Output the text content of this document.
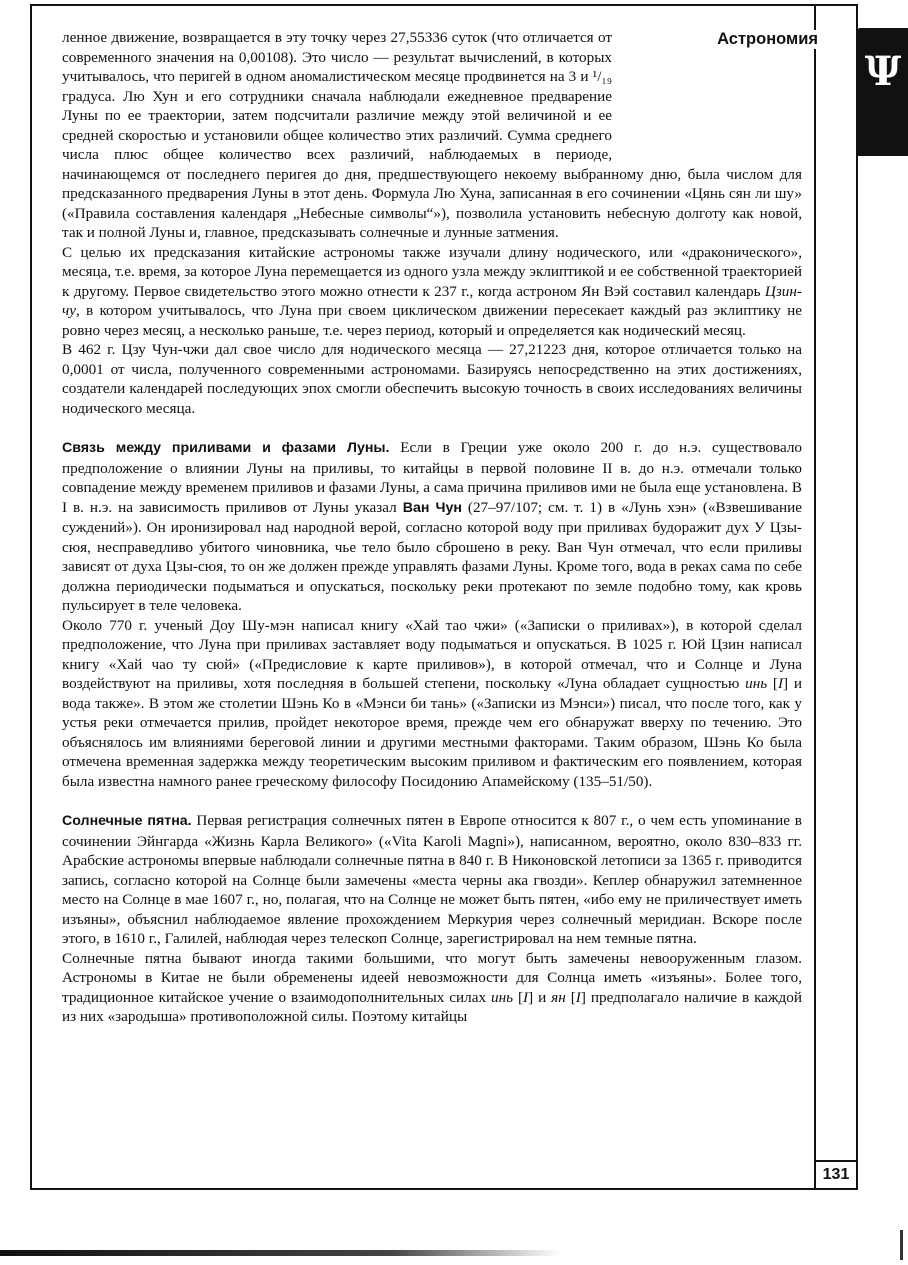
Ψ

ленное движение, возвращается в эту точку через 27,55336 суток (что отличается от современного значения на 0,00108). Это число — результат вычислений, в которых учитывалось, что перигей в одном аномалистическом месяце продвинется на 3 и ¹/₁₉ градуса. Лю Хун и его сотрудники сначала наблюдали ежедневное предварение Луны по ее траектории, затем подсчитали различие между этой величиной и ее средней скоростью и установили общее количество этих различий. Сумма среднего числа плюс общее количество всех различий, наблюдаемых в периоде, начинающемся от последнего перигея до дня, предшествующего некоему выбранному дню, была числом для предсказанного предварения Луны в этот день. Формула Лю Хуна, записанная в его сочинении «Цянь сян ли шу» («Правила составления календаря „Небесные символы“»), позволила установить небесную долготу как новой, так и полной Луны и, главное, предсказывать солнечные и лунные затмения.

С целью их предсказания китайские астрономы также изучали длину нодического, или «драконического», месяца, т.е. время, за которое Луна перемещается из одного узла между эклиптикой и ее собственной траекторией к другому. Первое свидетельство этого можно отнести к 237 г., когда астроном Ян Вэй составил календарь Цзин-чу, в котором учитывалось, что Луна при своем циклическом движении пересекает каждый раз эклиптику не ровно через месяц, а несколько раньше, т.е. через период, который и определяется как нодический месяц.

В 462 г. Цзу Чун-чжи дал свое число для нодического месяца — 27,21223 дня, которое отличается только на 0,0001 от числа, полученного современными астрономами. Базируясь непосредственно на этих достижениях, создатели календарей последующих эпох смогли обеспечить высокую точность в своих исследованиях величины нодического месяца.

Связь между приливами и фазами Луны. Если в Греции уже около 200 г. до н.э. существовало предположение о влиянии Луны на приливы, то китайцы в первой половине II в. до н.э. отмечали только совпадение между временем приливов и фазами Луны, а сама причина приливов ими не была еще установлена. В I в. н.э. на зависимость приливов от Луны указал Ван Чун (27–97/107; см. т. 1) в «Лунь хэн» («Взвешивание суждений»). Он иронизировал над народной верой, согласно которой воду при приливах будоражит дух У Цзы-сюя, несправедливо убитого чиновника, чье тело было сброшено в реку. Ван Чун отмечал, что если приливы зависят от духа Цзы-сюя, то он же должен прежде управлять фазами Луны. Кроме того, вода в реках сама по себе должна периодически подыматься и опускаться, поскольку реки протекают по земле подобно тому, как кровь пульсирует в теле человека.

Около 770 г. ученый Доу Шу-мэн написал книгу «Хай тао чжи» («Записки о приливах»), в которой сделал предположение, что Луна при приливах заставляет воду подыматься и опускаться. В 1025 г. Юй Цзин написал книгу «Хай чао ту сюй» («Предисловие к карте приливов»), в которой отмечал, что и Солнце и Луна воздействуют на приливы, хотя последняя в большей степени, поскольку «Луна обладает сущностью инь [I] и вода также». В этом же столетии Шэнь Ко в «Мэнси би тань» («Записки из Мэнси») писал, что после того, как у устья реки отмечается прилив, пройдет некоторое время, прежде чем его обнаружат вверху по течению. Это объяснялось им влияниями береговой линии и другими местными факторами. Таким образом, Шэнь Ко была отмечена временная задержка между теоретическим высоким приливом и фактическим его появлением, которая была известна намного ранее греческому философу Посидонию Апамейскому (135–51/50).

Солнечные пятна. Первая регистрация солнечных пятен в Европе относится к 807 г., о чем есть упоминание в сочинении Эйнгарда «Жизнь Карла Великого» («Vita Karoli Magni»), написанном, вероятно, около 830–833 гг. Арабские астрономы впервые наблюдали солнечные пятна в 840 г. В Никоновской летописи за 1365 г. приводится запись, согласно которой на Солнце были замечены «места черны ака гвозди». Кеплер обнаружил затемненное место на Солнце в мае 1607 г., но, полагая, что на Солнце не может быть пятен, «ибо ему не приличествует иметь изъяны», объяснил наблюдаемое явление прохождением Меркурия через солнечный меридиан. Вскоре после этого, в 1610 г., Галилей, наблюдая через телескоп Солнце, зарегистрировал на нем темные пятна.

Солнечные пятна бывают иногда такими большими, что могут быть замечены невооруженным глазом. Астрономы в Китае не были обременены идеей невозможности для Солнца иметь «изъяны». Более того, традиционное китайское учение о взаимодополнительных силах инь [I] и ян [I] предполагало наличие в каждой из них «зародыша» противоположной силы. Поэтому китайцы

Астрономия
131
